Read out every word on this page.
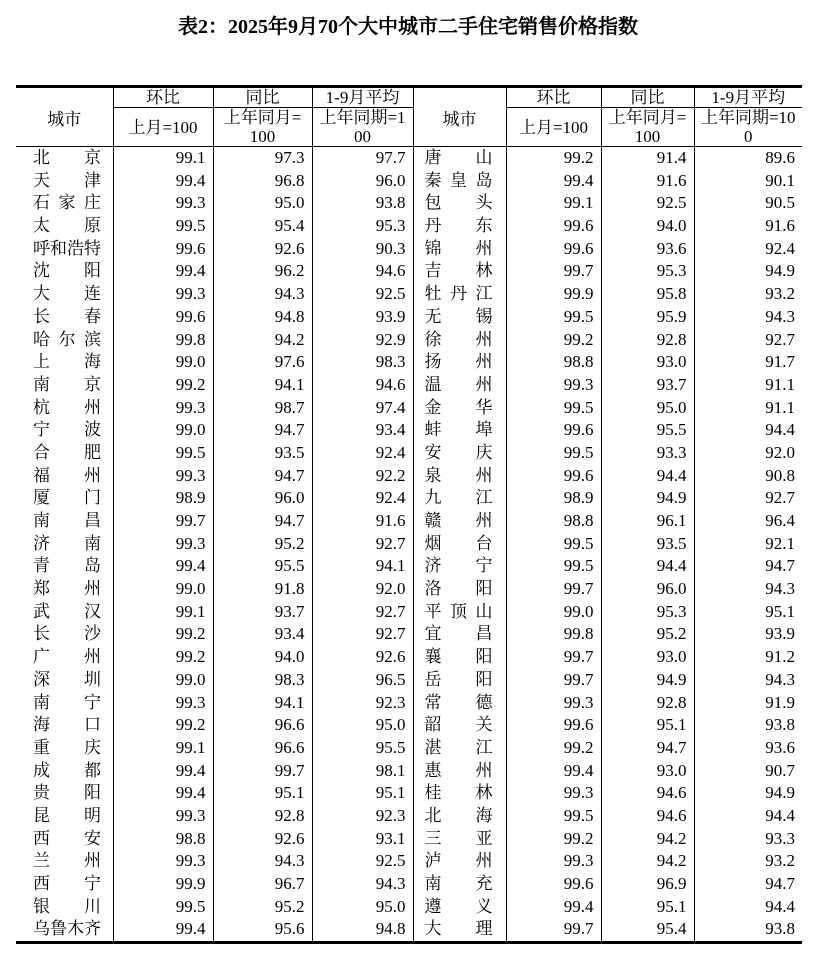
表2：2025年9月70个大中城市二手住宅销售价格指数
城市	环比	同比	1-9月平均	城市	环比	同比	1-9月平均
	上月=100	上年同月=100	上年同期=100		上月=100	上年同月=100	上年同期=100

北 京	99.1	97.3	97.7	唐 山	99.2	91.4	89.6

天 津	99.4	96.8	96.0	秦 皇 岛	99.4	91.6	90.1

石 家 庄	99.3	95.0	93.8	包 头	99.1	92.5	90.5

太 原	99.5	95.4	95.3	丹 东	99.6	94.0	91.6

呼 和 浩 特	99.6	92.6	90.3	锦 州	99.6	93.6	92.4

沈 阳	99.4	96.2	94.6	吉 林	99.7	95.3	94.9

大 连	99.3	94.3	92.5	牡 丹 江	99.9	95.8	93.2

长 春	99.6	94.8	93.9	无 锡	99.5	95.9	94.3

哈 尔 滨	99.8	94.2	92.9	徐 州	99.2	92.8	92.7

上 海	99.0	97.6	98.3	扬 州	98.8	93.0	91.7

南 京	99.2	94.1	94.6	温 州	99.3	93.7	91.1

杭 州	99.3	98.7	97.4	金 华	99.5	95.0	91.1

宁 波	99.0	94.7	93.4	蚌 埠	99.6	95.5	94.4

合 肥	99.5	93.5	92.4	安 庆	99.5	93.3	92.0

福 州	99.3	94.7	92.2	泉 州	99.6	94.4	90.8

厦 门	98.9	96.0	92.4	九 江	98.9	94.9	92.7

南 昌	99.7	94.7	91.6	赣 州	98.8	96.1	96.4

济 南	99.3	95.2	92.7	烟 台	99.5	93.5	92.1

青 岛	99.4	95.5	94.1	济 宁	99.5	94.4	94.7

郑 州	99.0	91.8	92.0	洛 阳	99.7	96.0	94.3

武 汉	99.1	93.7	92.7	平 顶 山	99.0	95.3	95.1

长 沙	99.2	93.4	92.7	宜 昌	99.8	95.2	93.9

广 州	99.2	94.0	92.6	襄 阳	99.7	93.0	91.2

深 圳	99.0	98.3	96.5	岳 阳	99.7	94.9	94.3

南 宁	99.3	94.1	92.3	常 德	99.3	92.8	91.9

海 口	99.2	96.6	95.0	韶 关	99.6	95.1	93.8

重 庆	99.1	96.6	95.5	湛 江	99.2	94.7	93.6

成 都	99.4	99.7	98.1	惠 州	99.4	93.0	90.7

贵 阳	99.4	95.1	95.1	桂 林	99.3	94.6	94.9

昆 明	99.3	92.8	92.3	北 海	99.5	94.6	94.4

西 安	98.8	92.6	93.1	三 亚	99.2	94.2	93.3

兰 州	99.3	94.3	92.5	泸 州	99.3	94.2	93.2

西 宁	99.9	96.7	94.3	南 充	99.6	96.9	94.7

银 川	99.5	95.2	95.0	遵 义	99.4	95.1	94.4

乌 鲁 木 齐	99.4	95.6	94.8	大 理	99.7	95.4	93.8
